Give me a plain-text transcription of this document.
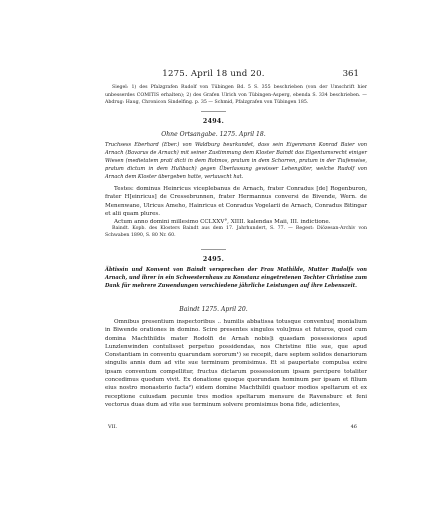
1275. April 18 und 20.	361

Siegel: 1) des Pfalzgrafen Rudolf von Tübingen Bd. 5 S. 355 beschrieben (von der Umschrift hier unbesserdes COMITIS erhalten); 2) des Grafen Ulrich von Tübingen-Asperg, ebenda S. 334 beschrieben. — Abdrug: Haug, Chronicon Sindelfing. p. 35 — Schmid, Pfalzgrafen von Tübingen 185.

2494.
Ohne Ortsangabe. 1275. April 18.

Truchsess Eberhard (Eber.) von Waldburg beurkundet, dass sein Eigenmann Konrad Baier von Arnach (Bavarus de Arnach) mit seiner Zustimmung dem Kloster Baindt das Eigentumsrecht einiger Wiesen (medietatem prati dicti in dem Rotmos, pratum in dem Schorren, pratum in der Tiufenwise, pratum dictum in dem Hulibach) gegen Überlassung gewisser Lehengüter, welche Rudolf von Arnach dem Kloster übergeben hatte, vertauscht hat.

Testes: dominus Heinricus viceplebanus de Arnach, frater Conradus [de] Rogenburon, frater H[einricus] de Cressebrunnen, frater Hermannus conversi de Bivende, Wern. de Menenwane, Ulricus Ameho, Hainricus et Conradus Vogelarii de Arnach, Conradus Bitingar et alii quam plures.

Actum anno domini millesimo CCLXXV°, XIIII. kalendas Maii, III. indictione.

Baindt. Kopb. des Klosters Baindt aus dem 17. Jahrhundert, S. 77. — Regest: Diözesan-Archiv von Schwaben 1890, S. 80 Nr. 60.

2495.

Äbtissin und Konvent von Baindt versprechen der Frau Mathilde, Mutter Rudolfs von Arnach, und ihrer in ein Schwesternhaus zu Konstanz eingetretenen Tochter Christine zum Dank für mehrere Zuwendungen verschiedene jährliche Leistungen auf ihre Lebenszeit.

Baindt 1275. April 20.

Omnibus presentium inspectoribus .. humilis abbatissa totusque conventus[ monialium in Biwende orationes in domino. Scire presentes singulos volu]mus et futuros, quod cum domina Machthildis mater Rodolfi de Arnah nobis]i quasdam possessiones apud Lunzlenwinden contulisset perpetuo possidendas, nos Christine filie sue, que apud Constantiam in conventu quarundam sororum¹) se recepit, dare septem solidos denariorum singulis annis dum ad vite sue terminum promisimus. Et si paupertate compulsa exire ipsam conventum compellitur, fructus dictarum possessionum ipsam percipere totaliter concedimus quodum vivit. Ex donatione quoque quorundam hominum per ipsam et filium eius nostro monasterio facta²) eidem domine Machthildi quatuor modios speltarum et ex receptione cuiusdam pecunie tres modios speltarum mensure de Ravensburc et feni vectorus duas dum ad vite sue terminum solvere promisimus bona fide, adicientes,

VII.	46
